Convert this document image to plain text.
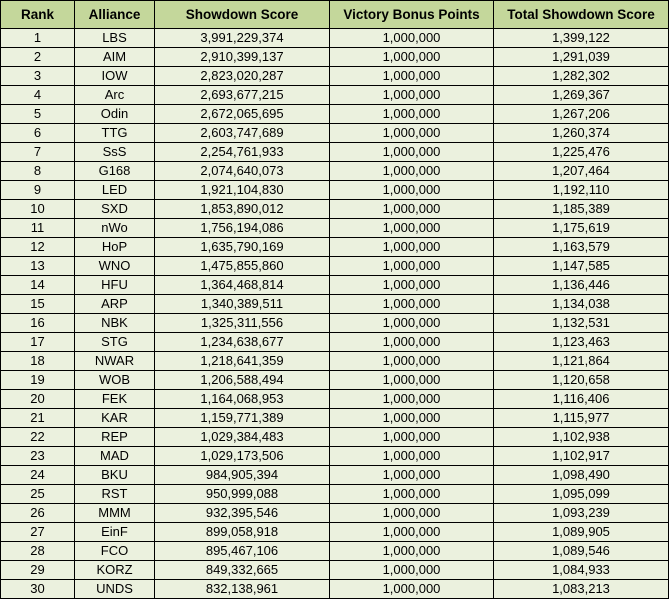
Rank	Alliance	Showdown Score	Victory Bonus Points	Total Showdown Score
1	LBS	3,991,229,374	1,000,000	1,399,122
2	AIM	2,910,399,137	1,000,000	1,291,039
3	IOW	2,823,020,287	1,000,000	1,282,302
4	Arc	2,693,677,215	1,000,000	1,269,367
5	Odin	2,672,065,695	1,000,000	1,267,206
6	TTG	2,603,747,689	1,000,000	1,260,374
7	SsS	2,254,761,933	1,000,000	1,225,476
8	G168	2,074,640,073	1,000,000	1,207,464
9	LED	1,921,104,830	1,000,000	1,192,110
10	SXD	1,853,890,012	1,000,000	1,185,389
11	nWo	1,756,194,086	1,000,000	1,175,619
12	HoP	1,635,790,169	1,000,000	1,163,579
13	WNO	1,475,855,860	1,000,000	1,147,585
14	HFU	1,364,468,814	1,000,000	1,136,446
15	ARP	1,340,389,511	1,000,000	1,134,038
16	NBK	1,325,311,556	1,000,000	1,132,531
17	STG	1,234,638,677	1,000,000	1,123,463
18	NWAR	1,218,641,359	1,000,000	1,121,864
19	WOB	1,206,588,494	1,000,000	1,120,658
20	FEK	1,164,068,953	1,000,000	1,116,406
21	KAR	1,159,771,389	1,000,000	1,115,977
22	REP	1,029,384,483	1,000,000	1,102,938
23	MAD	1,029,173,506	1,000,000	1,102,917
24	BKU	984,905,394	1,000,000	1,098,490
25	RST	950,999,088	1,000,000	1,095,099
26	MMM	932,395,546	1,000,000	1,093,239
27	EinF	899,058,918	1,000,000	1,089,905
28	FCO	895,467,106	1,000,000	1,089,546
29	KORZ	849,332,665	1,000,000	1,084,933
30	UNDS	832,138,961	1,000,000	1,083,213
